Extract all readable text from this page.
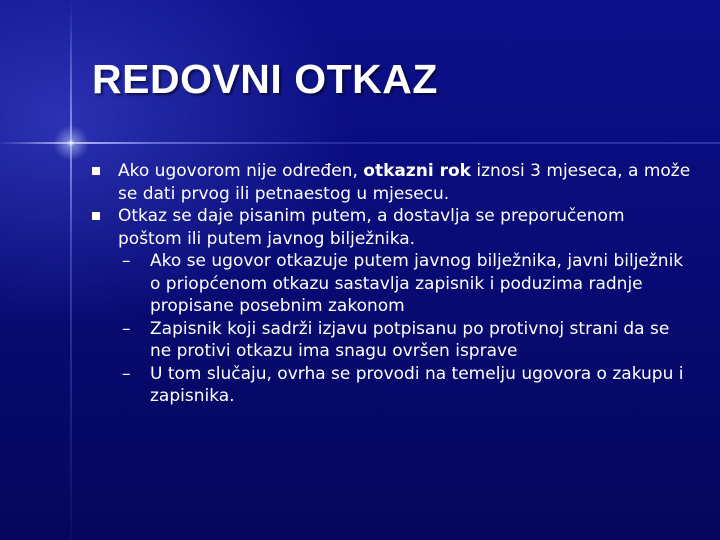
REDOVNI OTKAZ
Ako ugovorom nije određen, otkazni rok iznosi 3 mjeseca, a može se dati prvog ili petnaestog u mjesecu.
Otkaz se daje pisanim putem, a dostavlja se preporučenom poštom ili putem javnog bilježnika.
– Ako se ugovor otkazuje putem javnog bilježnika, javni bilježnik o priopćenom otkazu sastavlja zapisnik i poduzima radnje propisane posebnim zakonom
– Zapisnik koji sadrži izjavu potpisanu po protivnoj strani da se ne protivi otkazu ima snagu ovršen isprave
– U tom slučaju, ovrha se provodi na temelju ugovora o zakupu i zapisnika.
